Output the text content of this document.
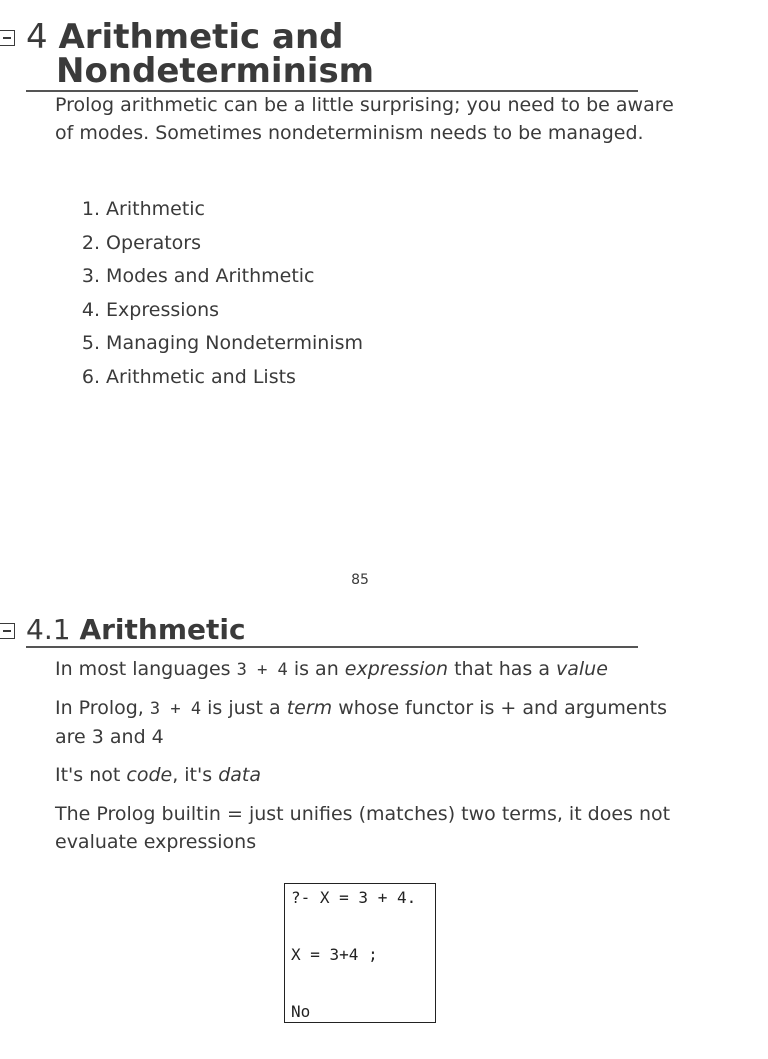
4 Arithmetic and
Nondeterminism

Prolog arithmetic can be a little surprising; you need to be aware of modes. Sometimes nondeterminism needs to be managed.

1. Arithmetic
2. Operators
3. Modes and Arithmetic
4. Expressions
5. Managing Nondeterminism
6. Arithmetic and Lists
85
4.1 Arithmetic

In most languages 3 + 4 is an expression that has a value

In Prolog, 3 + 4 is just a term whose functor is + and arguments are 3 and 4

It's not code, it's data

The Prolog builtin = just unifies (matches) two terms, it does not evaluate expressions

?- X = 3 + 4.
X = 3+4 ;
No
